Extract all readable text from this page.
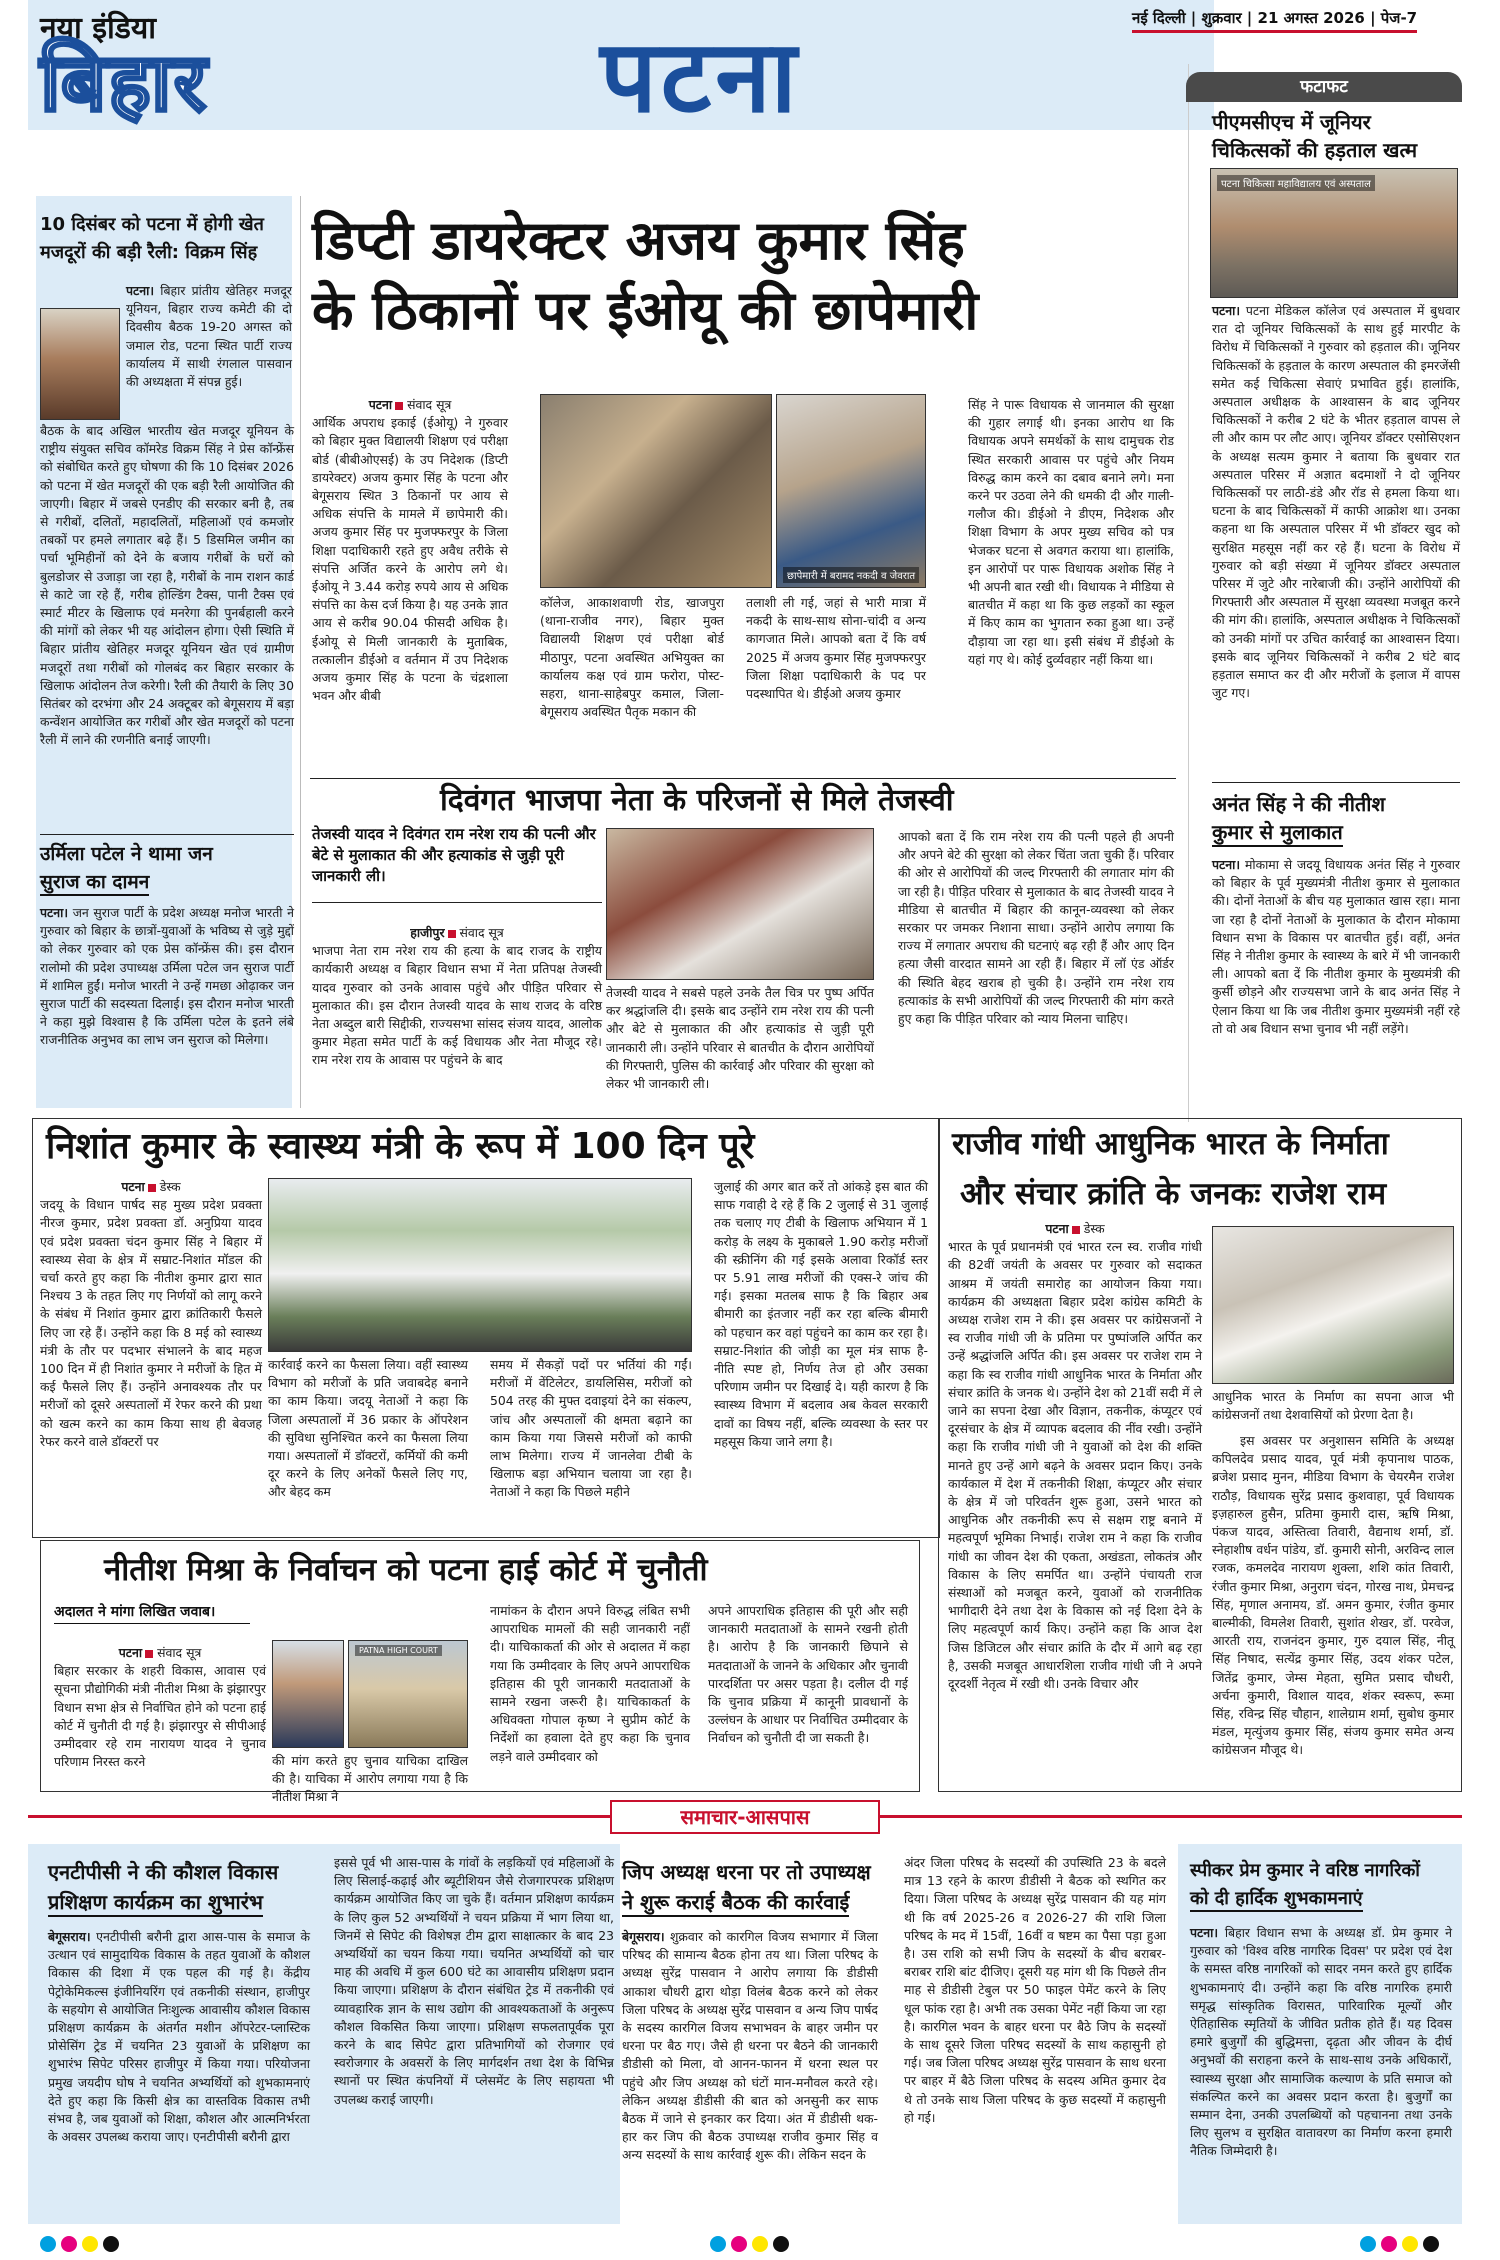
नया इंडिया
बिहार	पटना	नई दिल्ली | शुक्रवार | 21 अगस्त 2026 | पेज-7
फटाफट
पीएमसीएच में जूनियर
चिकित्सकों की हड़ताल खत्म
पटना चिकित्सा महाविद्यालय एवं अस्पताल
पटना। पटना मेडिकल कॉलेज एवं अस्पताल में बुधवार रात दो जूनियर चिकित्सकों के साथ हुई मारपीट के विरोध में चिकित्सकों ने गुरुवार को हड़ताल की। जूनियर चिकित्सकों के हड़ताल के कारण अस्पताल की इमरजेंसी समेत कई चिकित्सा सेवाएं प्रभावित हुई। हालांकि, अस्पताल अधीक्षक के आश्वासन के बाद जूनियर चिकित्सकों ने करीब 2 घंटे के भीतर हड़ताल वापस ले ली और काम पर लौट आए। जूनियर डॉक्टर एसोसिएशन के अध्यक्ष सत्यम कुमार ने बताया कि बुधवार रात अस्पताल परिसर में अज्ञात बदमाशों ने दो जूनियर चिकित्सकों पर लाठी-डंडे और रॉड से हमला किया था। घटना के बाद चिकित्सकों में काफी आक्रोश था। उनका कहना था कि अस्पताल परिसर में भी डॉक्टर खुद को सुरक्षित महसूस नहीं कर रहे हैं। घटना के विरोध में गुरुवार को बड़ी संख्या में जूनियर डॉक्टर अस्पताल परिसर में जुटे और नारेबाजी की। उन्होंने आरोपियों की गिरफ्तारी और अस्पताल में सुरक्षा व्यवस्था मजबूत करने की मांग की। हालांकि, अस्पताल अधीक्षक ने चिकित्सकों को उनकी मांगों पर उचित कार्रवाई का आश्वासन दिया। इसके बाद जूनियर चिकित्सकों ने करीब 2 घंटे बाद हड़ताल समाप्त कर दी और मरीजों के इलाज में वापस जुट गए।
अनंत सिंह ने की नीतीश
कुमार से मुलाकात
पटना। मोकामा से जदयू विधायक अनंत सिंह ने गुरुवार को बिहार के पूर्व मुख्यमंत्री नीतीश कुमार से मुलाकात की। दोनों नेताओं के बीच यह मुलाकात खास रहा। माना जा रहा है दोनों नेताओं के मुलाकात के दौरान मोकामा विधान सभा के विकास पर बातचीत हुई। वहीं, अनंत सिंह ने नीतीश कुमार के स्वास्थ्य के बारे में भी जानकारी ली। आपको बता दें कि नीतीश कुमार के मुख्यमंत्री की कुर्सी छोड़ने और राज्यसभा जाने के बाद अनंत सिंह ने ऐलान किया था कि जब नीतीश कुमार मुख्यमंत्री नहीं रहे तो वो अब विधान सभा चुनाव भी नहीं लड़ेंगे।
10 दिसंबर को पटना में होगी खेत
मजदूरों की बड़ी रैली: विक्रम सिंह
पटना। बिहार प्रांतीय खेतिहर मजदूर यूनियन, बिहार राज्य कमेटी की दो दिवसीय बैठक 19-20 अगस्त को जमाल रोड, पटना स्थित पार्टी राज्य कार्यालय में साथी रंगलाल पासवान की अध्यक्षता में संपन्न हुई।
बैठक के बाद अखिल भारतीय खेत मजदूर यूनियन के राष्ट्रीय संयुक्त सचिव कॉमरेड विक्रम सिंह ने प्रेस कॉन्फ्रेंस को संबोधित करते हुए घोषणा की कि 10 दिसंबर 2026 को पटना में खेत मजदूरों की एक बड़ी रैली आयोजित की जाएगी। बिहार में जबसे एनडीए की सरकार बनी है, तब से गरीबों, दलितों, महादलितों, महिलाओं एवं कमजोर तबकों पर हमले लगातार बढ़े हैं। 5 डिसमिल जमीन का पर्चा भूमिहीनों को देने के बजाय गरीबों के घरों को बुलडोजर से उजाड़ा जा रहा है, गरीबों के नाम राशन कार्ड से काटे जा रहे हैं, गरीब होल्डिंग टैक्स, पानी टैक्स एवं स्मार्ट मीटर के खिलाफ एवं मनरेगा की पुनर्बहाली करने की मांगों को लेकर भी यह आंदोलन होगा। ऐसी स्थिति में बिहार प्रांतीय खेतिहर मजदूर यूनियन खेत एवं ग्रामीण मजदूरों तथा गरीबों को गोलबंद कर बिहार सरकार के खिलाफ आंदोलन तेज करेगी। रैली की तैयारी के लिए 30 सितंबर को दरभंगा और 24 अक्टूबर को बेगूसराय में बड़ा कन्वेंशन आयोजित कर गरीबों और खेत मजदूरों को पटना रैली में लाने की रणनीति बनाई जाएगी।
उर्मिला पटेल ने थामा जन
सुराज का दामन
पटना। जन सुराज पार्टी के प्रदेश अध्यक्ष मनोज भारती ने गुरुवार को बिहार के छात्रों-युवाओं के भविष्य से जुड़े मुद्दों को लेकर गुरुवार को एक प्रेस कॉन्फ्रेंस की। इस दौरान रालोमो की प्रदेश उपाध्यक्ष उर्मिला पटेल जन सुराज पार्टी में शामिल हुईं। मनोज भारती ने उन्हें गमछा ओढ़ाकर जन सुराज पार्टी की सदस्यता दिलाई। इस दौरान मनोज भारती ने कहा मुझे विश्वास है कि उर्मिला पटेल के इतने लंबे राजनीतिक अनुभव का लाभ जन सुराज को मिलेगा।
डिप्टी डायरेक्टर अजय कुमार सिंह
के ठिकानों पर ईओयू की छापेमारी
पटना संवाद सूत्र
आर्थिक अपराध इकाई (ईओयू) ने गुरुवार को बिहार मुक्त विद्यालयी शिक्षण एवं परीक्षा बोर्ड (बीबीओएसई) के उप निदेशक (डिप्टी डायरेक्टर) अजय कुमार सिंह के पटना और बेगूसराय स्थित 3 ठिकानों पर आय से अधिक संपत्ति के मामले में छापेमारी की। अजय कुमार सिंह पर मुजफ्फरपुर के जिला शिक्षा पदाधिकारी रहते हुए अवैध तरीके से संपत्ति अर्जित करने के आरोप लगे थे। ईओयू ने 3.44 करोड़ रुपये आय से अधिक संपत्ति का केस दर्ज किया है। यह उनके ज्ञात आय से करीब 90.04 फीसदी अधिक है। ईओयू से मिली जानकारी के मुताबिक, तत्कालीन डीईओ व वर्तमान में उप निदेशक अजय कुमार सिंह के पटना के चंद्रशाला भवन और बीबी
छापेमारी में बरामद नकदी व जेवरात
कॉलेज, आकाशवाणी रोड, खाजपुरा (थाना-राजीव नगर), बिहार मुक्त विद्यालयी शिक्षण एवं परीक्षा बोर्ड मीठापुर, पटना अवस्थित अभियुक्त का कार्यालय कक्ष एवं ग्राम फरोरा, पोस्ट-सहरा, थाना-साहेबपुर कमाल, जिला-बेगूसराय अवस्थित पैतृक मकान की
तलाशी ली गई, जहां से भारी मात्रा में नकदी के साथ-साथ सोना-चांदी व अन्य कागजात मिले। आपको बता दें कि वर्ष 2025 में अजय कुमार सिंह मुजफ्फरपुर जिला शिक्षा पदाधिकारी के पद पर पदस्थापित थे। डीईओ अजय कुमार
सिंह ने पारू विधायक से जानमाल की सुरक्षा की गुहार लगाई थी। इनका आरोप था कि विधायक अपने समर्थकों के साथ दामुचक रोड स्थित सरकारी आवास पर पहुंचे और नियम विरुद्ध काम करने का दबाव बनाने लगे। मना करने पर उठवा लेने की धमकी दी और गाली-गलौज की। डीईओ ने डीएम, निदेशक और शिक्षा विभाग के अपर मुख्य सचिव को पत्र भेजकर घटना से अवगत कराया था। हालांकि, इन आरोपों पर पारू विधायक अशोक सिंह ने भी अपनी बात रखी थी। विधायक ने मीडिया से बातचीत में कहा था कि कुछ लड़कों का स्कूल में किए काम का भुगतान रुका हुआ था। उन्हें दौड़ाया जा रहा था। इसी संबंध में डीईओ के यहां गए थे। कोई दुर्व्यवहार नहीं किया था।
दिवंगत भाजपा नेता के परिजनों से मिले तेजस्वी
तेजस्वी यादव ने दिवंगत राम नरेश राय की पत्नी और बेटे से मुलाकात की और हत्याकांड से जुड़ी पूरी जानकारी ली।
हाजीपुर संवाद सूत्र
भाजपा नेता राम नरेश राय की हत्या के बाद राजद के राष्ट्रीय कार्यकारी अध्यक्ष व बिहार विधान सभा में नेता प्रतिपक्ष तेजस्वी यादव गुरुवार को उनके आवास पहुंचे और पीड़ित परिवार से मुलाकात की। इस दौरान तेजस्वी यादव के साथ राजद के वरिष्ठ नेता अब्दुल बारी सिद्दीकी, राज्यसभा सांसद संजय यादव, आलोक कुमार मेहता समेत पार्टी के कई विधायक और नेता मौजूद रहे। राम नरेश राय के आवास पर पहुंचने के बाद
तेजस्वी यादव ने सबसे पहले उनके तैल चित्र पर पुष्प अर्पित कर श्रद्धांजलि दी। इसके बाद उन्होंने राम नरेश राय की पत्नी और बेटे से मुलाकात की और हत्याकांड से जुड़ी पूरी जानकारी ली। उन्होंने परिवार से बातचीत के दौरान आरोपियों की गिरफ्तारी, पुलिस की कार्रवाई और परिवार की सुरक्षा को लेकर भी जानकारी ली।
आपको बता दें कि राम नरेश राय की पत्नी पहले ही अपनी और अपने बेटे की सुरक्षा को लेकर चिंता जता चुकी हैं। परिवार की ओर से आरोपियों की जल्द गिरफ्तारी की लगातार मांग की जा रही है। पीड़ित परिवार से मुलाकात के बाद तेजस्वी यादव ने मीडिया से बातचीत में बिहार की कानून-व्यवस्था को लेकर सरकार पर जमकर निशाना साधा। उन्होंने आरोप लगाया कि राज्य में लगातार अपराध की घटनाएं बढ़ रही हैं और आए दिन हत्या जैसी वारदात सामने आ रही हैं। बिहार में लॉ एंड ऑर्डर की स्थिति बेहद खराब हो चुकी है। उन्होंने राम नरेश राय हत्याकांड के सभी आरोपियों की जल्द गिरफ्तारी की मांग करते हुए कहा कि पीड़ित परिवार को न्याय मिलना चाहिए।
निशांत कुमार के स्वास्थ्य मंत्री के रूप में 100 दिन पूरे
पटना डेस्क
जदयू के विधान पार्षद सह मुख्य प्रदेश प्रवक्ता नीरज कुमार, प्रदेश प्रवक्ता डॉ. अनुप्रिया यादव एवं प्रदेश प्रवक्ता चंदन कुमार सिंह ने बिहार में स्वास्थ्य सेवा के क्षेत्र में सम्राट-निशांत मॉडल की चर्चा करते हुए कहा कि नीतीश कुमार द्वारा सात निश्चय 3 के तहत लिए गए निर्णयों को लागू करने के संबंध में निशांत कुमार द्वारा क्रांतिकारी फैसले लिए जा रहे हैं। उन्होंने कहा कि 8 मई को स्वास्थ्य मंत्री के तौर पर पदभार संभालने के बाद महज 100 दिन में ही निशांत कुमार ने मरीजों के हित में कई फैसले लिए हैं। उन्होंने अनावश्यक तौर पर मरीजों को दूसरे अस्पतालों में रेफर करने की प्रथा को खत्म करने का काम किया साथ ही बेवजह रेफर करने वाले डॉक्टरों पर
कार्रवाई करने का फैसला लिया। वहीं स्वास्थ्य विभाग को मरीजों के प्रति जवाबदेह बनाने का काम किया। जदयू नेताओं ने कहा कि जिला अस्पतालों में 36 प्रकार के ऑपरेशन की सुविधा सुनिश्चित करने का फैसला लिया गया। अस्पतालों में डॉक्टरों, कर्मियों की कमी दूर करने के लिए अनेकों फैसले लिए गए, और बेहद कम
समय में सैकड़ों पदों पर भर्तियां की गईं। मरीजों में वेंटिलेटर, डायलिसिस, मरीजों को 504 तरह की मुफ्त दवाइयां देने का संकल्प, जांच और अस्पतालों की क्षमता बढ़ाने का काम किया गया जिससे मरीजों को काफी लाभ मिलेगा। राज्य में जानलेवा टीबी के खिलाफ बड़ा अभियान चलाया जा रहा है। नेताओं ने कहा कि पिछले महीने
जुलाई की अगर बात करें तो आंकड़े इस बात की साफ गवाही दे रहे हैं कि 2 जुलाई से 31 जुलाई तक चलाए गए टीबी के खिलाफ अभियान में 1 करोड़ के लक्ष्य के मुकाबले 1.90 करोड़ मरीजों की स्क्रीनिंग की गई इसके अलावा रिकॉर्ड स्तर पर 5.91 लाख मरीजों की एक्स-रे जांच की गई। इसका मतलब साफ है कि बिहार अब बीमारी का इंतजार नहीं कर रहा बल्कि बीमारी को पहचान कर वहां पहुंचने का काम कर रहा है। सम्राट-निशांत की जोड़ी का मूल मंत्र साफ है-नीति स्पष्ट हो, निर्णय तेज हो और उसका परिणाम जमीन पर दिखाई दे। यही कारण है कि स्वास्थ्य विभाग में बदलाव अब केवल सरकारी दावों का विषय नहीं, बल्कि व्यवस्था के स्तर पर महसूस किया जाने लगा है।
नीतीश मिश्रा के निर्वाचन को पटना हाई कोर्ट में चुनौती
अदालत ने मांगा लिखित जवाब।
पटना संवाद सूत्र
बिहार सरकार के शहरी विकास, आवास एवं सूचना प्रौद्योगिकी मंत्री नीतीश मिश्रा के झंझारपुर विधान सभा क्षेत्र से निर्वाचित होने को पटना हाई कोर्ट में चुनौती दी गई है। झंझारपुर से सीपीआई उम्मीदवार रहे राम नारायण यादव ने चुनाव परिणाम निरस्त करने
PATNA HIGH COURT
की मांग करते हुए चुनाव याचिका दाखिल की है। याचिका में आरोप लगाया गया है कि नीतीश मिश्रा ने
नामांकन के दौरान अपने विरुद्ध लंबित सभी आपराधिक मामलों की सही जानकारी नहीं दी। याचिकाकर्ता की ओर से अदालत में कहा गया कि उम्मीदवार के लिए अपने आपराधिक इतिहास की पूरी जानकारी मतदाताओं के सामने रखना जरूरी है। याचिकाकर्ता के अधिवक्ता गोपाल कृष्ण ने सुप्रीम कोर्ट के निर्देशों का हवाला देते हुए कहा कि चुनाव लड़ने वाले उम्मीदवार को
अपने आपराधिक इतिहास की पूरी और सही जानकारी मतदाताओं के सामने रखनी होती है। आरोप है कि जानकारी छिपाने से मतदाताओं के जानने के अधिकार और चुनावी पारदर्शिता पर असर पड़ता है। दलील दी गई कि चुनाव प्रक्रिया में कानूनी प्रावधानों के उल्लंघन के आधार पर निर्वाचित उम्मीदवार के निर्वाचन को चुनौती दी जा सकती है।
राजीव गांधी आधुनिक भारत के निर्माता
और संचार क्रांति के जनकः राजेश राम
पटना डेस्क
भारत के पूर्व प्रधानमंत्री एवं भारत रत्न स्व. राजीव गांधी की 82वीं जयंती के अवसर पर गुरुवार को सदाकत आश्रम में जयंती समारोह का आयोजन किया गया। कार्यक्रम की अध्यक्षता बिहार प्रदेश कांग्रेस कमिटी के अध्यक्ष राजेश राम ने की। इस अवसर पर कांग्रेसजनों ने स्व राजीव गांधी जी के प्रतिमा पर पुष्पांजलि अर्पित कर उन्हें श्रद्धांजलि अर्पित की। इस अवसर पर राजेश राम ने कहा कि स्व राजीव गांधी आधुनिक भारत के निर्माता और संचार क्रांति के जनक थे। उन्होंने देश को 21वीं सदी में ले जाने का सपना देखा और विज्ञान, तकनीक, कंप्यूटर एवं दूरसंचार के क्षेत्र में व्यापक बदलाव की नींव रखी। उन्होंने कहा कि राजीव गांधी जी ने युवाओं को देश की शक्ति मानते हुए उन्हें आगे बढ़ने के अवसर प्रदान किए। उनके कार्यकाल में देश में तकनीकी शिक्षा, कंप्यूटर और संचार के क्षेत्र में जो परिवर्तन शुरू हुआ, उसने भारत को आधुनिक और तकनीकी रूप से सक्षम राष्ट्र बनाने में महत्वपूर्ण भूमिका निभाई। राजेश राम ने कहा कि राजीव गांधी का जीवन देश की एकता, अखंडता, लोकतंत्र और विकास के लिए समर्पित था। उन्होंने पंचायती राज संस्थाओं को मजबूत करने, युवाओं को राजनीतिक भागीदारी देने तथा देश के विकास को नई दिशा देने के लिए महत्वपूर्ण कार्य किए। उन्होंने कहा कि आज देश जिस डिजिटल और संचार क्रांति के दौर में आगे बढ़ रहा है, उसकी मजबूत आधारशिला राजीव गांधी जी ने अपने दूरदर्शी नेतृत्व में रखी थी। उनके विचार और
आधुनिक भारत के निर्माण का सपना आज भी कांग्रेसजनों तथा देशवासियों को प्रेरणा देता है।
इस अवसर पर अनुशासन समिति के अध्यक्ष कपिलदेव प्रसाद यादव, पूर्व मंत्री कृपानाथ पाठक, ब्रजेश प्रसाद मुनन, मीडिया विभाग के चेयरमैन राजेश राठौड़, विधायक सुरेंद्र प्रसाद कुशवाहा, पूर्व विधायक इज़हारुल हुसैन, प्रतिमा कुमारी दास, ऋषि मिश्रा, पंकज यादव, अस्तित्वा तिवारी, वैद्यनाथ शर्मा, डॉ. स्नेहाशीष वर्धन पांडेय, डॉ. कुमारी सोनी, अरविन्द लाल रजक, कमलदेव नारायण शुक्ला, शशि कांत तिवारी, रंजीत कुमार मिश्रा, अनुराग चंदन, गोरख नाथ, प्रेमचन्द्र सिंह, मृणाल अनामय, डॉ. अमन कुमार, रंजीत कुमार बाल्मीकी, विमलेश तिवारी, सुशांत शेखर, डॉ. परवेज, आरती राय, राजनंदन कुमार, गुरु दयाल सिंह, नीतू सिंह निषाद, सत्येंद्र कुमार सिंह, उदय शंकर पटेल, जितेंद्र कुमार, जेम्स मेहता, सुमित प्रसाद चौधरी, अर्चना कुमारी, विशाल यादव, शंकर स्वरूप, रूमा सिंह, रविन्द्र सिंह चौहान, शालेग्राम शर्मा, सुबोध कुमार मंडल, मृत्युंजय कुमार सिंह, संजय कुमार समेत अन्य कांग्रेसजन मौजूद थे।
समाचार-आसपास
एनटीपीसी ने की कौशल विकास
प्रशिक्षण कार्यक्रम का शुभारंभ
बेगूसराय। एनटीपीसी बरौनी द्वारा आस-पास के समाज के उत्थान एवं सामुदायिक विकास के तहत युवाओं के कौशल विकास की दिशा में एक पहल की गई है। केंद्रीय पेट्रोकेमिकल्स इंजीनियरिंग एवं तकनीकी संस्थान, हाजीपुर के सहयोग से आयोजित निःशुल्क आवासीय कौशल विकास प्रशिक्षण कार्यक्रम के अंतर्गत मशीन ऑपरेटर-प्लास्टिक प्रोसेसिंग ट्रेड में चयनित 23 युवाओं के प्रशिक्षण का शुभारंभ सिपेट परिसर हाजीपुर में किया गया। परियोजना प्रमुख जयदीप घोष ने चयनित अभ्यर्थियों को शुभकामनाएं देते हुए कहा कि किसी क्षेत्र का वास्तविक विकास तभी संभव है, जब युवाओं को शिक्षा, कौशल और आत्मनिर्भरता के अवसर उपलब्ध कराया जाए। एनटीपीसी बरौनी द्वारा
इससे पूर्व भी आस-पास के गांवों के लड़कियों एवं महिलाओं के लिए सिलाई-कढ़ाई और ब्यूटीशियन जैसे रोजगारपरक प्रशिक्षण कार्यक्रम आयोजित किए जा चुके हैं। वर्तमान प्रशिक्षण कार्यक्रम के लिए कुल 52 अभ्यर्थियों ने चयन प्रक्रिया में भाग लिया था, जिनमें से सिपेट की विशेषज्ञ टीम द्वारा साक्षात्कार के बाद 23 अभ्यर्थियों का चयन किया गया। चयनित अभ्यर्थियों को चार माह की अवधि में कुल 600 घंटे का आवासीय प्रशिक्षण प्रदान किया जाएगा। प्रशिक्षण के दौरान संबंधित ट्रेड में तकनीकी एवं व्यावहारिक ज्ञान के साथ उद्योग की आवश्यकताओं के अनुरूप कौशल विकसित किया जाएगा। प्रशिक्षण सफलतापूर्वक पूरा करने के बाद सिपेट द्वारा प्रतिभागियों को रोजगार एवं स्वरोजगार के अवसरों के लिए मार्गदर्शन तथा देश के विभिन्न स्थानों पर स्थित कंपनियों में प्लेसमेंट के लिए सहायता भी उपलब्ध कराई जाएगी।
जिप अध्यक्ष धरना पर तो उपाध्यक्ष
ने शुरू कराई बैठक की कार्रवाई
बेगूसराय। शुक्रवार को कारगिल विजय सभागार में जिला परिषद की सामान्य बैठक होना तय था। जिला परिषद के अध्यक्ष सुरेंद्र पासवान ने आरोप लगाया कि डीडीसी आकाश चौधरी द्वारा थोड़ा विलंब बैठक करने को लेकर जिला परिषद के अध्यक्ष सुरेंद्र पासवान व अन्य जिप पार्षद के सदस्य कारगिल विजय सभाभवन के बाहर जमीन पर धरना पर बैठ गए। जैसे ही धरना पर बैठने की जानकारी डीडीसी को मिला, वो आनन-फानन में धरना स्थल पर पहुंचे और जिप अध्यक्ष को घंटों मान-मनौवल करते रहे। लेकिन अध्यक्ष डीडीसी की बात को अनसुनी कर साफ बैठक में जाने से इनकार कर दिया। अंत में डीडीसी थक-हार कर जिप की बैठक उपाध्यक्ष राजीव कुमार सिंह व अन्य सदस्यों के साथ कार्रवाई शुरू की। लेकिन सदन के
अंदर जिला परिषद के सदस्यों की उपस्थिति 23 के बदले मात्र 13 रहने के कारण डीडीसी ने बैठक को स्थगित कर दिया। जिला परिषद के अध्यक्ष सुरेंद्र पासवान की यह मांग थी कि वर्ष 2025-26 व 2026-27 की राशि जिला परिषद के मद में 15वीं, 16वीं व षष्टम का पैसा पड़ा हुआ है। उस राशि को सभी जिप के सदस्यों के बीच बराबर-बराबर राशि बांट दीजिए। दूसरी यह मांग थी कि पिछले तीन माह से डीडीसी टेबुल पर 50 फाइल पेमेंट करने के लिए धूल फांक रहा है। अभी तक उसका पेमेंट नहीं किया जा रहा है। कारगिल भवन के बाहर धरना पर बैठे जिप के सदस्यों के साथ दूसरे जिला परिषद सदस्यों के साथ कहासुनी हो गई। जब जिला परिषद अध्यक्ष सुरेंद्र पासवान के साथ धरना पर बाहर में बैठे जिला परिषद के सदस्य अमित कुमार देव थे तो उनके साथ जिला परिषद के कुछ सदस्यों में कहासुनी हो गई।
स्पीकर प्रेम कुमार ने वरिष्ठ नागरिकों
को दी हार्दिक शुभकामनाएं
पटना। बिहार विधान सभा के अध्यक्ष डॉ. प्रेम कुमार ने गुरुवार को 'विश्व वरिष्ठ नागरिक दिवस' पर प्रदेश एवं देश के समस्त वरिष्ठ नागरिकों को सादर नमन करते हुए हार्दिक शुभकामनाएं दी। उन्होंने कहा कि वरिष्ठ नागरिक हमारी समृद्ध सांस्कृतिक विरासत, पारिवारिक मूल्यों और ऐतिहासिक स्मृतियों के जीवित प्रतीक होते हैं। यह दिवस हमारे बुजुर्गों की बुद्धिमत्ता, दृढ़ता और जीवन के दीर्घ अनुभवों की सराहना करने के साथ-साथ उनके अधिकारों, स्वास्थ्य सुरक्षा और सामाजिक कल्याण के प्रति समाज को संकल्पित करने का अवसर प्रदान करता है। बुजुर्गों का सम्मान देना, उनकी उपलब्धियों को पहचानना तथा उनके लिए सुलभ व सुरक्षित वातावरण का निर्माण करना हमारी नैतिक जिम्मेदारी है।
